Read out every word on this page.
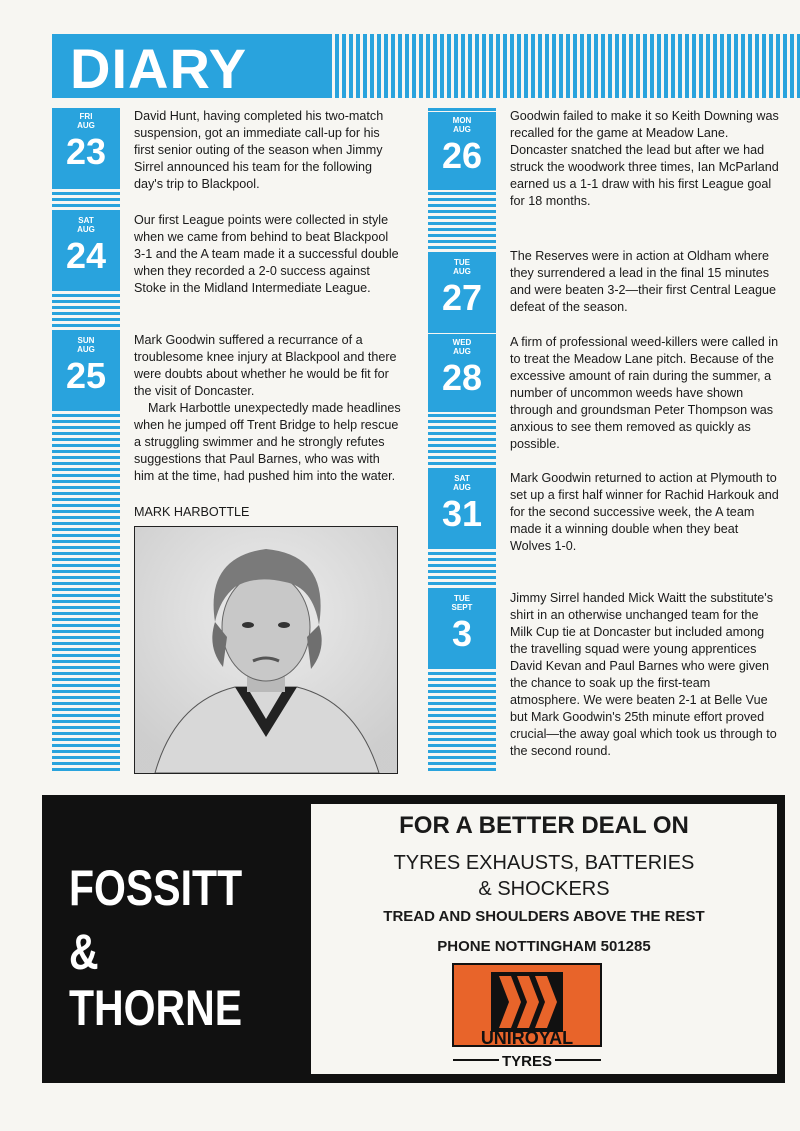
DIARY
FRI
AUG
23
SAT
AUG
24
SUN
AUG
25
MON
AUG
26
TUE
AUG
27
WED
AUG
28
SAT
AUG
31
TUE
SEPT
3

David Hunt, having completed his two-match suspension, got an immediate call-up for his first senior outing of the season when Jimmy Sirrel announced his team for the following day's trip to Blackpool.

Our first League points were collected in style when we came from behind to beat Blackpool 3-1 and the A team made it a successful double when they recorded a 2-0 success against Stoke in the Midland Intermediate League.

Mark Goodwin suffered a recurrance of a troublesome knee injury at Blackpool and there were doubts about whether he would be fit for the visit of Doncaster.

Mark Harbottle unexpectedly made headlines when he jumped off Trent Bridge to help rescue a struggling swimmer and he strongly refutes suggestions that Paul Barnes, who was with him at the time, had pushed him into the water.

MARK HARBOTTLE

Goodwin failed to make it so Keith Downing was recalled for the game at Meadow Lane. Doncaster snatched the lead but after we had struck the woodwork three times, Ian McParland earned us a 1-1 draw with his first League goal for 18 months.

The Reserves were in action at Oldham where they surrendered a lead in the final 15 minutes and were beaten 3-2—their first Central League defeat of the season.

A firm of professional weed-killers were called in to treat the Meadow Lane pitch. Because of the excessive amount of rain during the summer, a number of uncommon weeds have shown through and groundsman Peter Thompson was anxious to see them removed as quickly as possible.

Mark Goodwin returned to action at Plymouth to set up a first half winner for Rachid Harkouk and for the second successive week, the A team made it a winning double when they beat Wolves 1-0.

Jimmy Sirrel handed Mick Waitt the substitute's shirt in an otherwise unchanged team for the Milk Cup tie at Doncaster but included among the travelling squad were young apprentices David Kevan and Paul Barnes who were given the chance to soak up the first-team atmosphere. We were beaten 2-1 at Belle Vue but Mark Goodwin's 25th minute effort proved crucial—the away goal which took us through to the second round.

FOSSITT
& THORNE
FOR A BETTER DEAL ON
TYRES EXHAUSTS, BATTERIES
& SHOCKERS
TREAD AND SHOULDERS ABOVE THE REST
PHONE NOTTINGHAM 501285
UNIROYAL
TYRES
